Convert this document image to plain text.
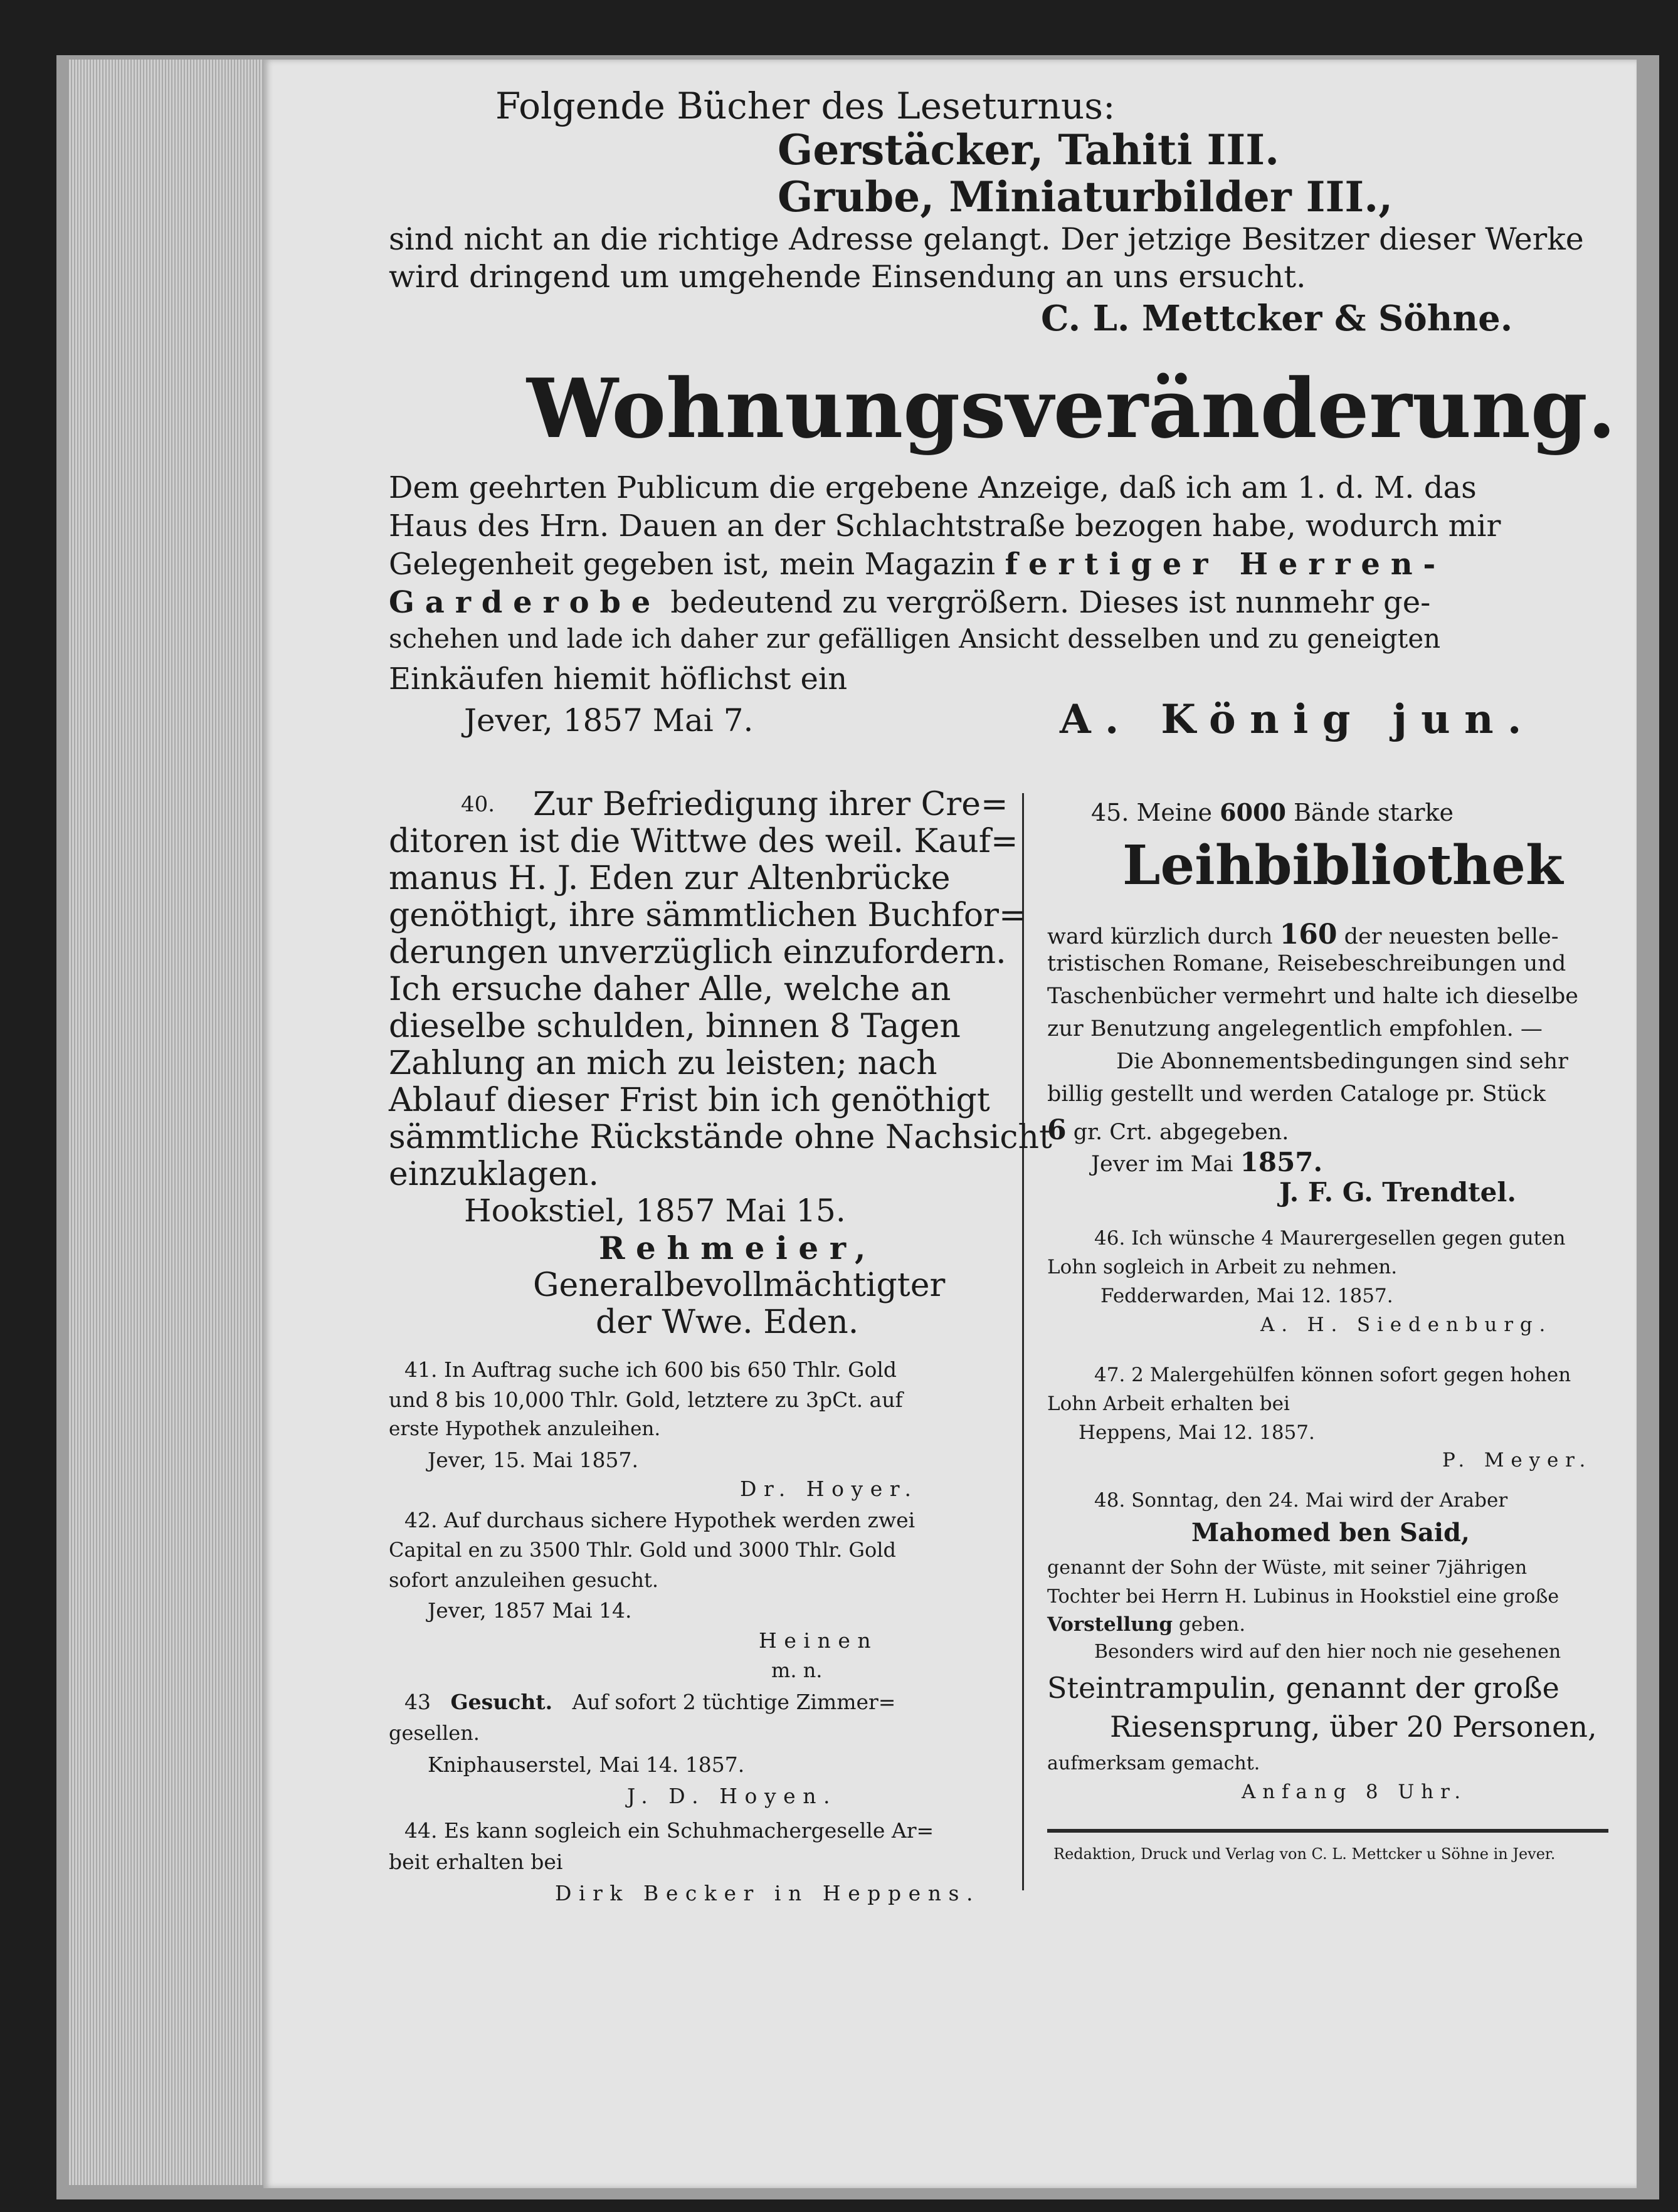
Folgende Bücher des Leseturnus:

Gerstäcker, Tahiti III.

Grube, Miniaturbilder III.,

sind nicht an die richtige Adresse gelangt. Der jetzige Besitzer dieser Werke

wird dringend um umgehende Einsendung an uns ersucht.

C. L. Mettcker & Söhne.

Wohnungsveränderung.

Dem geehrten Publicum die ergebene Anzeige, daß ich am 1. d. M. das

Haus des Hrn. Dauen an der Schlachtstraße bezogen habe, wodurch mir

Gelegenheit gegeben ist, mein Magazin fertiger Herren-

Garderobe bedeutend zu vergrößern. Dieses ist nunmehr ge-

schehen und lade ich daher zur gefälligen Ansicht desselben und zu geneigten

Einkäufen hiemit höflichst ein

Jever, 1857 Mai 7.	A. König jun.

40. Zur Befriedigung ihrer Cre=

ditoren ist die Wittwe des weil. Kauf=

manus H. J. Eden zur Altenbrücke

genöthigt, ihre sämmtlichen Buchfor=

derungen unverzüglich einzufordern.

Ich ersuche daher Alle, welche an

dieselbe schulden, binnen 8 Tagen

Zahlung an mich zu leisten; nach

Ablauf dieser Frist bin ich genöthigt

sämmtliche Rückstände ohne Nachsicht

einzuklagen.

Hookstiel, 1857 Mai 15.

Rehmeier,

Generalbevollmächtigter

der Wwe. Eden.

41. In Auftrag suche ich 600 bis 650 Thlr. Gold

und 8 bis 10,000 Thlr. Gold, letztere zu 3pCt. auf

erste Hypothek anzuleihen.

Jever, 15. Mai 1857.

Dr. Hoyer.

42. Auf durchaus sichere Hypothek werden zwei

Capital en zu 3500 Thlr. Gold und 3000 Thlr. Gold

sofort anzuleihen gesucht.

Jever, 1857 Mai 14.

Heinen

m. n.

43 Gesucht. Auf sofort 2 tüchtige Zimmer=

gesellen.

Kniphauserstel, Mai 14. 1857.

J. D. Hoyen.

44. Es kann sogleich ein Schuhmachergeselle Ar=

beit erhalten bei

Dirk Becker in Heppens.

45. Meine 6000 Bände starke

Leihbibliothek

ward kürzlich durch 160 der neuesten belle-

tristischen Romane, Reisebeschreibungen und

Taschenbücher vermehrt und halte ich dieselbe

zur Benutzung angelegentlich empfohlen. —

Die Abonnementsbedingungen sind sehr

billig gestellt und werden Cataloge pr. Stück

6 gr. Crt. abgegeben.

Jever im Mai 1857.

J. F. G. Trendtel.

46. Ich wünsche 4 Maurergesellen gegen guten

Lohn sogleich in Arbeit zu nehmen.

Fedderwarden, Mai 12. 1857.

A. H. Siedenburg.

47. 2 Malergehülfen können sofort gegen hohen

Lohn Arbeit erhalten bei

Heppens, Mai 12. 1857.

P. Meyer.

48. Sonntag, den 24. Mai wird der Araber

Mahomed ben Said,

genannt der Sohn der Wüste, mit seiner 7jährigen

Tochter bei Herrn H. Lubinus in Hookstiel eine große

Vorstellung geben.

Besonders wird auf den hier noch nie gesehenen

Steintrampulin, genannt der große

Riesensprung, über 20 Personen,

aufmerksam gemacht.

Anfang 8 Uhr.

Redaktion, Druck und Verlag von C. L. Mettcker u Söhne in Jever.
